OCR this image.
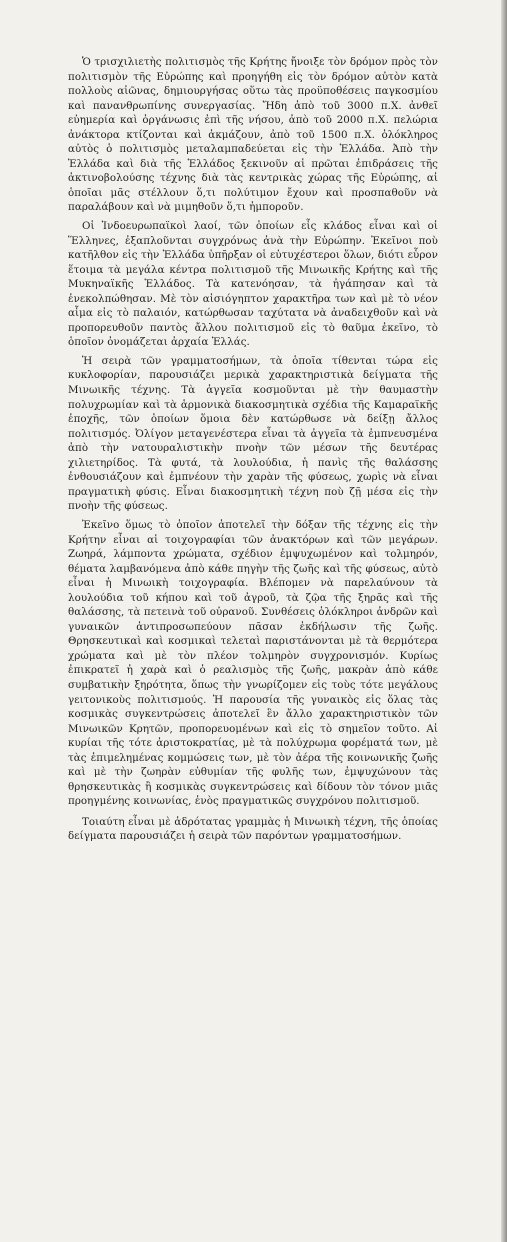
Ὁ τρισχιλιετὴς πολιτισμὸς τῆς Κρήτης ἤνοιξε τὸν δρόμον πρὸς τὸν πολιτισμὸν τῆς Εὐρώπης καὶ προηγήθη εἰς τὸν δρόμον αὐτὸν κατὰ πολλοὺς αἰῶνας, δημιουργήσας οὕτω τὰς προϋποθέσεις παγκοσμίου καὶ πανανθρωπίνης συνεργασίας. Ἤδη ἀπὸ τοῦ 3000 π.Χ. ἀνθεῖ εὐημερία καὶ ὀργάνωσις ἐπὶ τῆς νήσου, ἀπὸ τοῦ 2000 π.Χ. πελώρια ἀνάκτορα κτίζονται καὶ ἀκμάζουν, ἀπὸ τοῦ 1500 π.Χ. ὁλόκληρος αὐτὸς ὁ πολιτισμὸς μεταλαμπαδεύεται εἰς τὴν Ἑλλάδα. Ἀπὸ τὴν Ἑλλάδα καὶ διὰ τῆς Ἑλλάδος ξεκινοῦν αἱ πρῶται ἐπιδράσεις τῆς ἀκτινοβολούσης τέχνης διὰ τὰς κεντρικὰς χώρας τῆς Εὐρώπης, αἱ ὁποῖαι μᾶς στέλλουν ὅ,τι πολύτιμον ἔχουν καὶ προσπαθοῦν νὰ παραλάβουν καὶ νὰ μιμηθοῦν ὅ,τι ἠμποροῦν.

Οἱ Ἰνδοευρωπαϊκοὶ λαοί, τῶν ὁποίων εἷς κλάδος εἶναι καὶ οἱ Ἕλληνες, ἐξαπλοῦνται συγχρόνως ἀνὰ τὴν Εὐρώπην. Ἐκεῖνοι ποὺ κατῆλθον εἰς τὴν Ἑλλάδα ὑπῆρξαν οἱ εὐτυχέστεροι ὅλων, διότι εὗρον ἕτοιμα τὰ μεγάλα κέντρα πολιτισμοῦ τῆς Μινωικῆς Κρήτης καὶ τῆς Μυκηναϊκῆς Ἑλλάδος. Τὰ κατενόησαν, τὰ ἠγάπησαν καὶ τὰ ἐνεκολπώθησαν. Μὲ τὸν αἰσιόγηπτον χαρακτῆρα των καὶ μὲ τὸ νέον αἷμα εἰς τὸ παλαιόν, κατώρθωσαν ταχύτατα νὰ ἀναδειχθοῦν καὶ νὰ προπορευθοῦν παντὸς ἄλλου πολιτισμοῦ εἰς τὸ θαῦμα ἐκεῖνο, τὸ ὁποῖον ὀνομάζεται ἀρχαία Ἑλλάς.

Ἡ σειρὰ τῶν γραμματοσήμων, τὰ ὁποῖα τίθενται τώρα εἰς κυκλοφορίαν, παρουσιάζει μερικὰ χαρακτηριστικὰ δείγματα τῆς Μινωικῆς τέχνης. Τὰ ἀγγεῖα κοσμοῦνται μὲ τὴν θαυμαστὴν πολυχρωμίαν καὶ τὰ ἁρμονικὰ διακοσμητικὰ σχέδια τῆς Καμαραϊκῆς ἐποχῆς, τῶν ὁποίων ὅμοια δὲν κατώρθωσε νὰ δείξῃ ἄλλος πολιτισμός. Ὀλίγον μεταγενέστερα εἶναι τὰ ἀγγεῖα τὰ ἐμπνευσμένα ἀπὸ τὴν νατουραλιστικὴν πνοὴν τῶν μέσων τῆς δευτέρας χιλιετηρίδος. Τὰ φυτά, τὰ λουλούδια, ἡ πανὶς τῆς θαλάσσης ἐνθουσιάζουν καὶ ἐμπνέουν τὴν χαρὰν τῆς φύσεως, χωρὶς νὰ εἶναι πραγματικὴ φύσις. Εἶναι διακοσμητικὴ τέχνη ποὺ ζῇ μέσα εἰς τὴν πνοὴν τῆς φύσεως.

Ἐκεῖνο ὅμως τὸ ὁποῖον ἀποτελεῖ τὴν δόξαν τῆς τέχνης εἰς τὴν Κρήτην εἶναι αἱ τοιχογραφίαι τῶν ἀνακτόρων καὶ τῶν μεγάρων. Ζωηρά, λάμποντα χρώματα, σχέδιον ἐμψυχωμένον καὶ τολμηρόν, θέματα λαμβανόμενα ἀπὸ κάθε πηγὴν τῆς ζωῆς καὶ τῆς φύσεως, αὐτὸ εἶναι ἡ Μινωικὴ τοιχογραφία. Βλέπομεν νὰ παρελαύνουν τὰ λουλούδια τοῦ κήπου καὶ τοῦ ἀγροῦ, τὰ ζῷα τῆς ξηρᾶς καὶ τῆς θαλάσσης, τὰ πετεινὰ τοῦ οὐρανοῦ. Συνθέσεις ὁλόκληροι ἀνδρῶν καὶ γυναικῶν ἀντιπροσωπεύουν πᾶσαν ἐκδήλωσιν τῆς ζωῆς. Θρησκευτικαὶ καὶ κοσμικαὶ τελεταὶ παριστάνονται μὲ τὰ θερμότερα χρώματα καὶ μὲ τὸν πλέον τολμηρὸν συγχρονισμόν. Κυρίως ἐπικρατεῖ ἡ χαρὰ καὶ ὁ ρεαλισμὸς τῆς ζωῆς, μακρὰν ἀπὸ κάθε συμβατικὴν ξηρότητα, ὅπως τὴν γνωρίζομεν εἰς τοὺς τότε μεγάλους γειτονικοὺς πολιτισμούς. Ἡ παρουσία τῆς γυναικὸς εἰς ὅλας τὰς κοσμικὰς συγκεντρώσεις ἀποτελεῖ ἓν ἄλλο χαρακτηριστικὸν τῶν Μινωικῶν Κρητῶν, προπορευομένων καὶ εἰς τὸ σημεῖον τοῦτο. Αἱ κυρίαι τῆς τότε ἀριστοκρατίας, μὲ τὰ πολύχρωμα φορέματά των, μὲ τὰς ἐπιμελημένας κομμώσεις των, μὲ τὸν ἀέρα τῆς κοινωνικῆς ζωῆς καὶ μὲ τὴν ζωηρὰν εὐθυμίαν τῆς φυλῆς των, ἐμψυχώνουν τὰς θρησκευτικὰς ἢ κοσμικὰς συγκεντρώσεις καὶ δίδουν τὸν τόνον μιᾶς προηγμένης κοινωνίας, ἑνὸς πραγματικῶς συγχρόνου πολιτισμοῦ.

Τοιαύτη εἶναι μὲ ἀδρότατας γραμμὰς ἡ Μινωικὴ τέχνη, τῆς ὁποίας δείγματα παρουσιάζει ἡ σειρὰ τῶν παρόντων γραμματοσήμων.
